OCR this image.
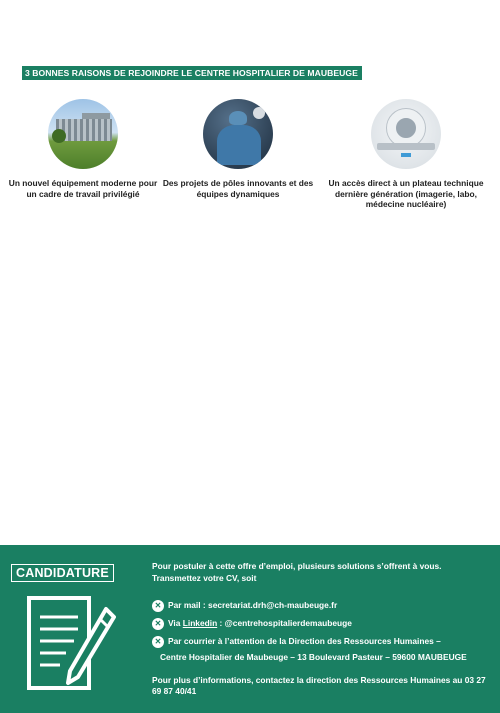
3 BONNES RAISONS DE REJOINDRE LE CENTRE HOSPITALIER DE MAUBEUGE
Un nouvel équipement moderne pour un cadre de travail privilégié
Des projets de pôles innovants et des équipes dynamiques
Un accès direct à un plateau technique dernière génération (imagerie, labo, médecine nucléaire)
CANDIDATURE	Pour postuler à cette offre d’emploi, plusieurs solutions s’offrent à vous. Transmettez votre CV, soit
✕ Par mail : secretariat.drh@ch-maubeuge.fr
✕ Via Linkedin : @centrehospitalierdemaubeuge
✕ Par courrier à l’attention de la Direction des Ressources Humaines –
Centre Hospitalier de Maubeuge – 13 Boulevard Pasteur – 59600 MAUBEUGE
Pour plus d’informations, contactez la direction des Ressources Humaines au 03 27 69 87 40/41
